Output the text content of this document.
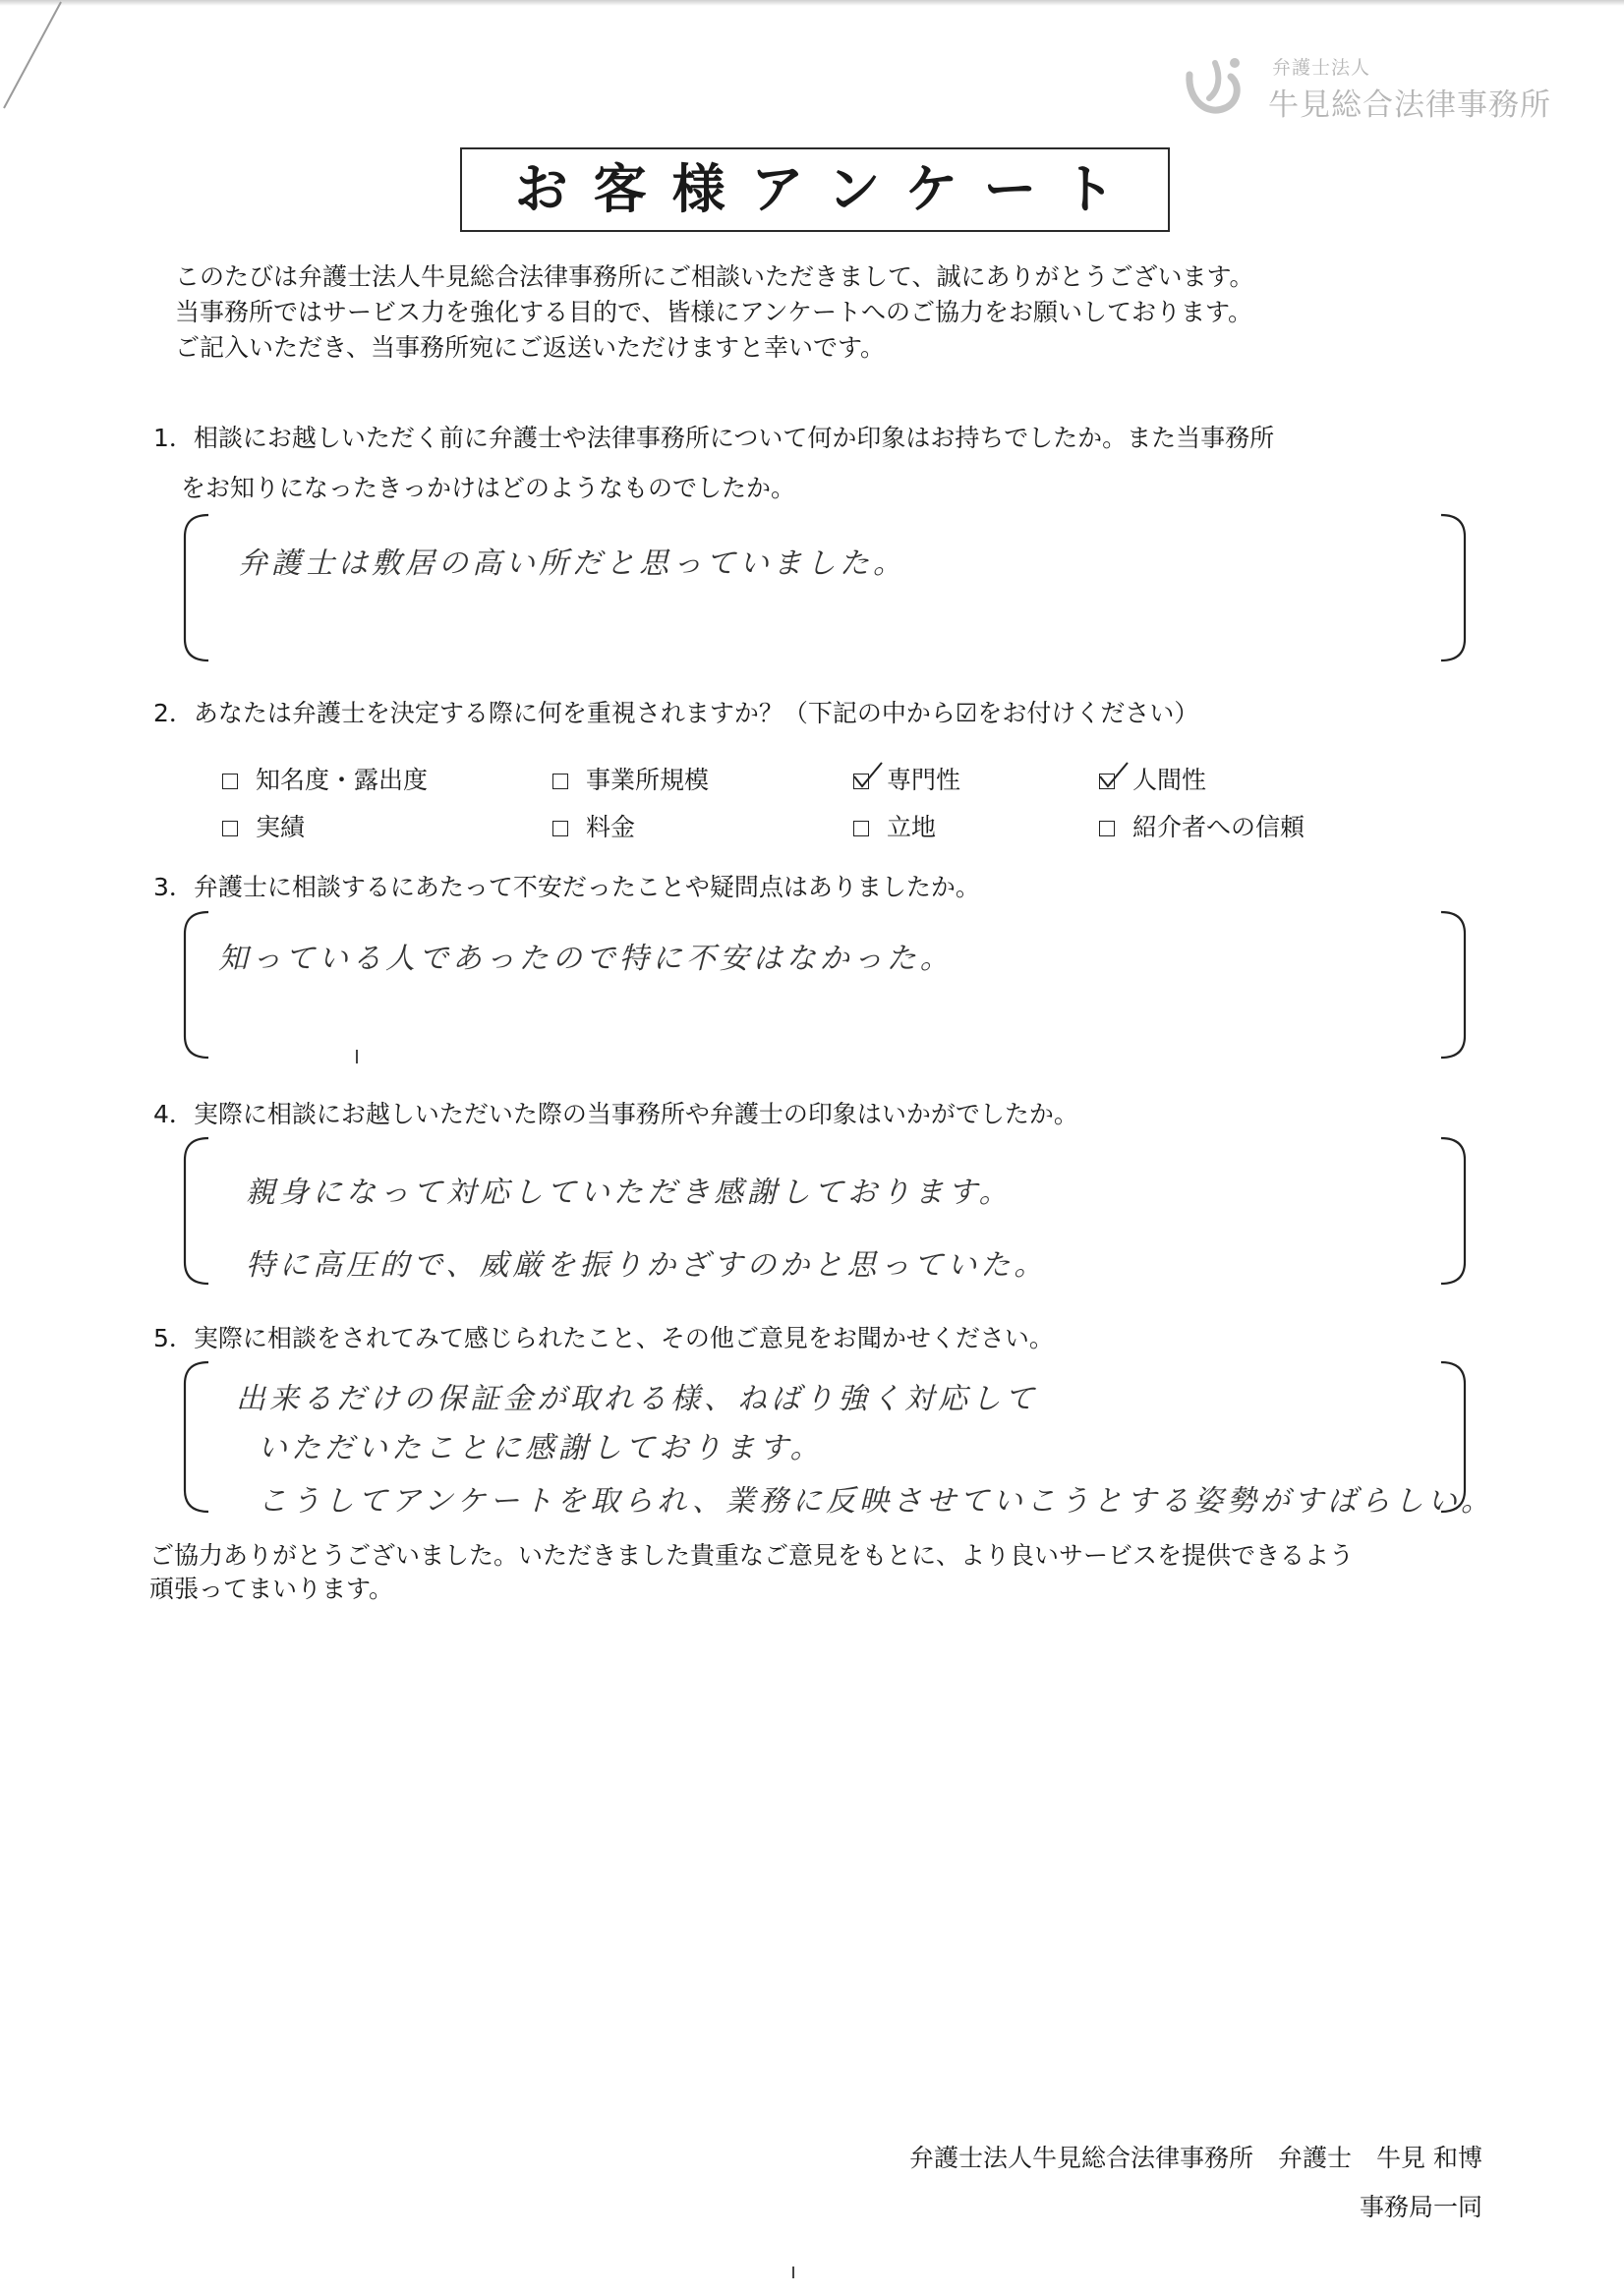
弁護士法人
牛見総合法律事務所
お客様アンケート
このたびは弁護士法人牛見総合法律事務所にご相談いただきまして、誠にありがとうございます。
当事務所ではサービス力を強化する目的で、皆様にアンケートへのご協力をお願いしております。
ご記入いただき、当事務所宛にご返送いただけますと幸いです。
1．相談にお越しいただく前に弁護士や法律事務所について何か印象はお持ちでしたか。また当事務所
をお知りになったきっかけはどのようなものでしたか。
弁護士は敷居の高い所だと思っていました。
2．あなたは弁護士を決定する際に何を重視されますか？（下記の中から☑をお付けください）
知名度・露出度	事業所規模	専門性	人間性
実績	料金	立地	紹介者への信頼
3．弁護士に相談するにあたって不安だったことや疑問点はありましたか。
知っている人であったので特に不安はなかった。
4．実際に相談にお越しいただいた際の当事務所や弁護士の印象はいかがでしたか。
親身になって対応していただき感謝しております。
特に高圧的で、威厳を振りかざすのかと思っていた。
5．実際に相談をされてみて感じられたこと、その他ご意見をお聞かせください。
出来るだけの保証金が取れる様、ねばり強く対応して
いただいたことに感謝しております。
こうしてアンケートを取られ、業務に反映させていこうとする姿勢がすばらしい。
ご協力ありがとうございました。いただきました貴重なご意見をもとに、より良いサービスを提供できるよう
頑張ってまいります。
弁護士法人牛見総合法律事務所　弁護士　牛見 和博
事務局一同
